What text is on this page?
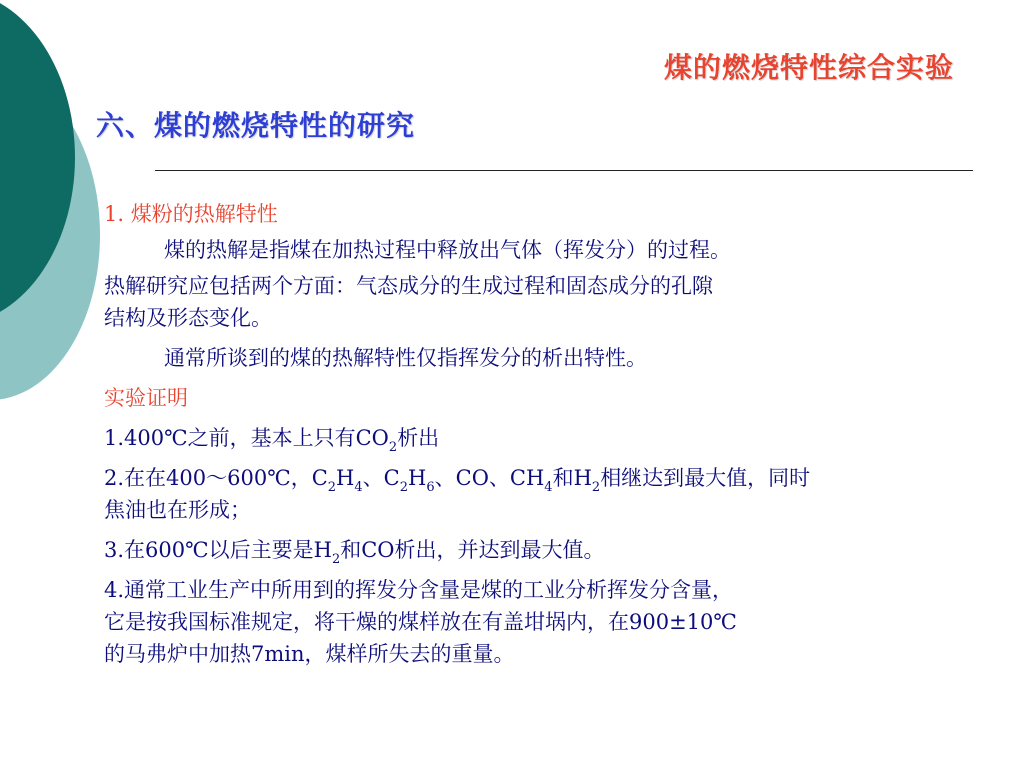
煤的燃烧特性综合实验
六、煤的燃烧特性的研究
1. 煤粉的热解特性
煤的热解是指煤在加热过程中释放出气体（挥发分）的过程。
热解研究应包括两个方面：气态成分的生成过程和固态成分的孔隙
结构及形态变化。
通常所谈到的煤的热解特性仅指挥发分的析出特性。
实验证明
1.400℃之前，基本上只有$CO_2$析出
2.在在400～600℃，$C_2H_4$、$C_2H_6$、CO、$CH_4$和$H_2$相继达到最大值，同时
焦油也在形成；
3.在600℃以后主要是$H_2$和CO析出，并达到最大值。
4.通常工业生产中所用到的挥发分含量是煤的工业分析挥发分含量，
它是按我国标准规定，将干燥的煤样放在有盖坩埚内，在900±10℃
的马弗炉中加热7min，煤样所失去的重量。
